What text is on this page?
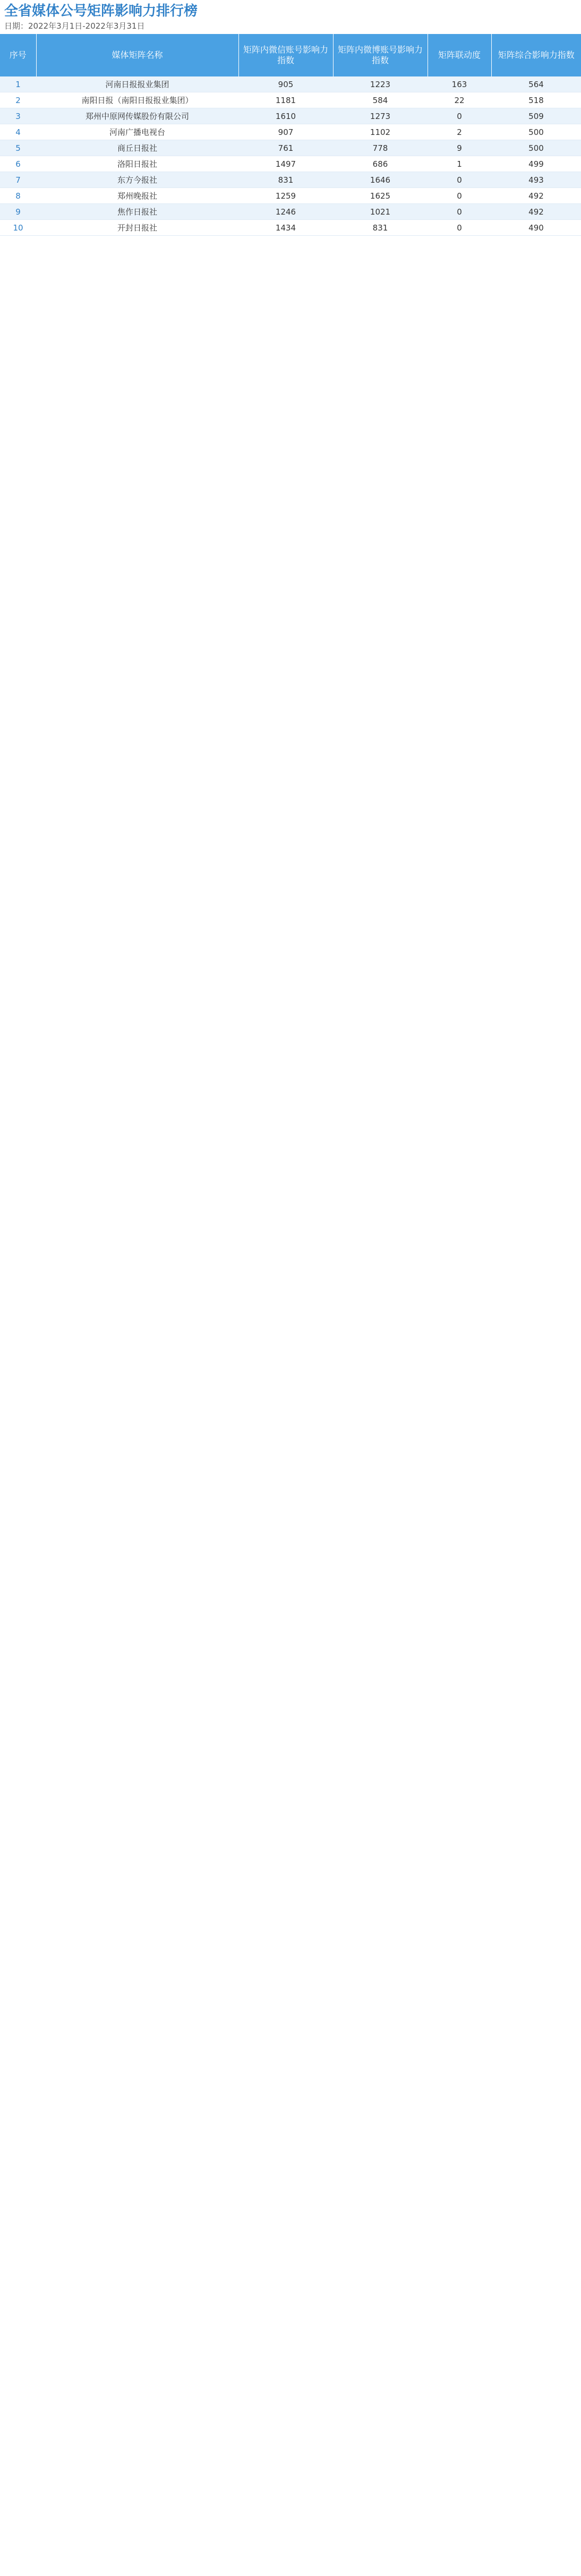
全省媒体公号矩阵影响力排行榜
日期：2022年3月1日-2022年3月31日
序号	媒体矩阵名称	矩阵内微信账号影响力指数	矩阵内微博账号影响力指数	矩阵联动度	矩阵综合影响力指数
1	河南日报报业集团	905	1223	163	564
2	南阳日报（南阳日报报业集团）	1181	584	22	518
3	郑州中原网传媒股份有限公司	1610	1273	0	509
4	河南广播电视台	907	1102	2	500
5	商丘日报社	761	778	9	500
6	洛阳日报社	1497	686	1	499
7	东方今报社	831	1646	0	493
8	郑州晚报社	1259	1625	0	492
9	焦作日报社	1246	1021	0	492
10	开封日报社	1434	831	0	490
